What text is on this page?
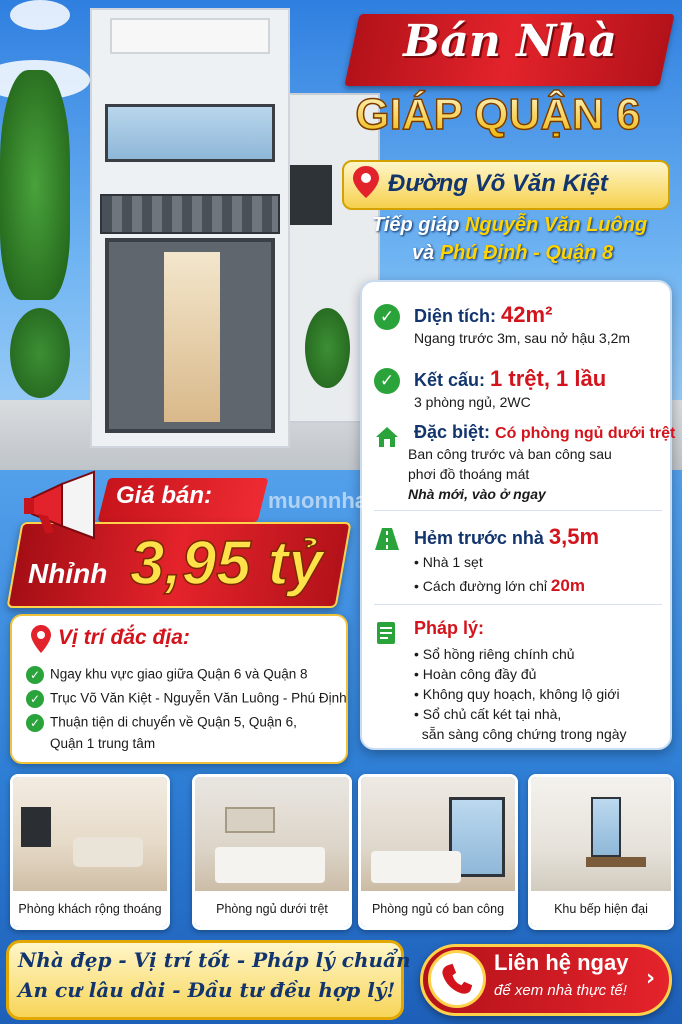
Bán Nhà
GIÁP QUẬN 6
Đường Võ Văn Kiệt
Tiếp giáp Nguyễn Văn Luông
và Phú Định - Quận 8
✓	Diện tích: 42m²
Ngang trước 3m, sau nở hậu 3,2m
✓	Kết cấu: 1 trệt, 1 lầu
3 phòng ngủ, 2WC
Đặc biệt: Có phòng ngủ dưới trệt
Ban công trước và ban công sau
phơi đồ thoáng mát
Nhà mới, vào ở ngay
Hẻm trước nhà 3,5m
• Nhà 1 sẹt
• Cách đường lớn chỉ 20m
Pháp lý:
• Sổ hồng riêng chính chủ
• Hoàn công đầy đủ
• Không quy hoạch, không lộ giới
• Sổ chủ cất két tại nhà,
sẵn sàng công chứng trong ngày
Giá bán:
Nhỉnh 3,95 tỷ
muonnha
Vị trí đắc địa:
✓ Ngay khu vực giao giữa Quận 6 và Quận 8
✓ Trục Võ Văn Kiệt - Nguyễn Văn Luông - Phú Định
✓ Thuận tiện di chuyển về Quận 5, Quận 6,
Quận 1 trung tâm
Phòng khách rộng thoáng	Phòng ngủ dưới trệt	Phòng ngủ có ban công	Khu bếp hiện đại
Nhà đẹp - Vị trí tốt - Pháp lý chuẩn
An cư lâu dài - Đầu tư đều hợp lý!
Liên hệ ngay
để xem nhà thực tế! ›
